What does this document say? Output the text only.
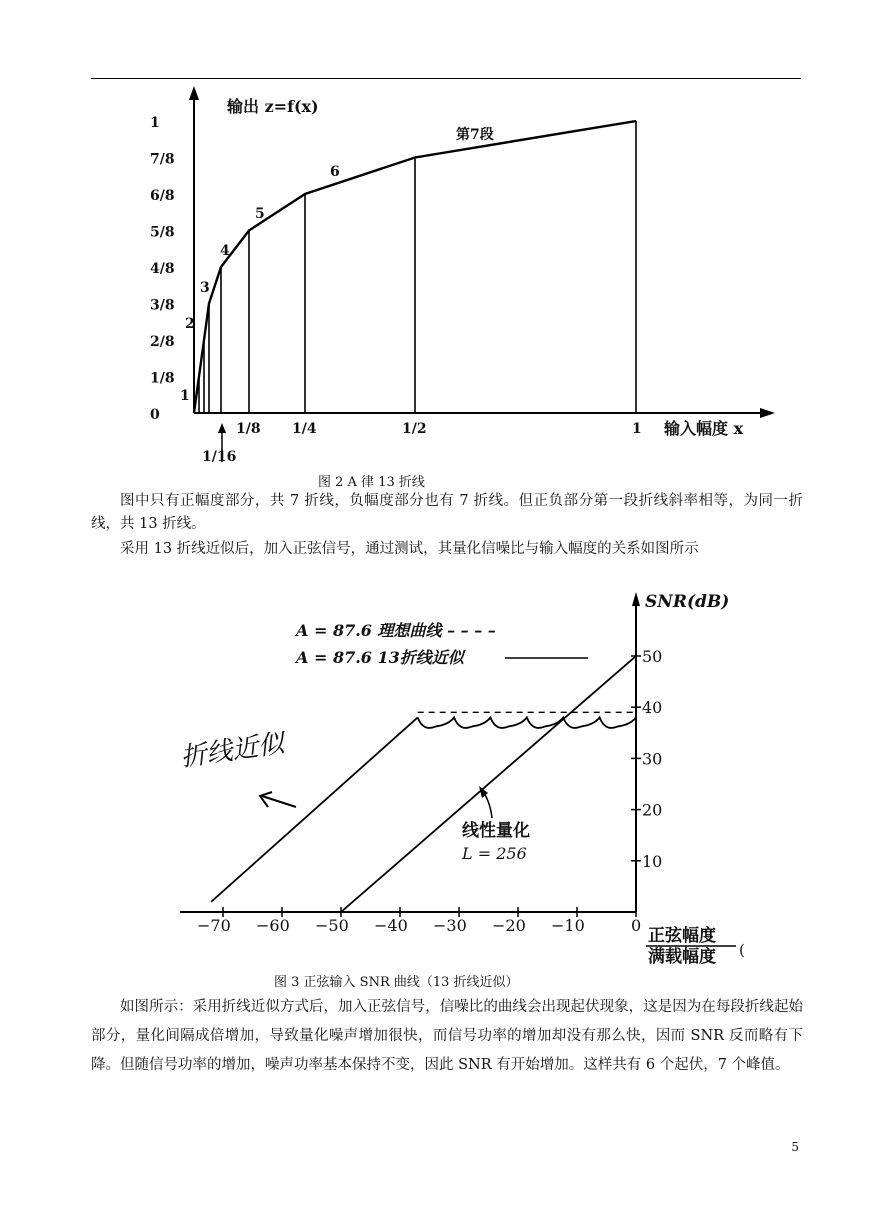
0
1/8
2/8
3/8
4/8
5/8
6/8
7/8
1
1/8 1/4	1/2	1
1
2
3
4
5
6
第7段
输出 z=f(x)
输入幅度 x
1/16
图 2 A 律 13 折线

图中只有正幅度部分，共 7 折线，负幅度部分也有 7 折线。但正负部分第一段折线斜率相等，为同一折线，共 13 折线。

采用 13 折线近似后，加入正弦信号，通过测试，其量化信噪比与输入幅度的关系如图所示

10
20
30
40
50
−70 −60 −50 −40 −30 −20 −10	0
SNR(dB)
正弦幅度
满载幅度 (
A = 87.6 理想曲线 – – – –
A = 87.6 13折线近似
线性量化
L = 256
折线近似
图 3 正弦输入 SNR 曲线（13 折线近似）

如图所示：采用折线近似方式后，加入正弦信号，信噪比的曲线会出现起伏现象，这是因为在每段折线起始部分，量化间隔成倍增加，导致量化噪声增加很快，而信号功率的增加却没有那么快，因而 SNR 反而略有下降。但随信号功率的增加，噪声功率基本保持不变，因此 SNR 有开始增加。这样共有 6 个起伏，7 个峰值。

5
